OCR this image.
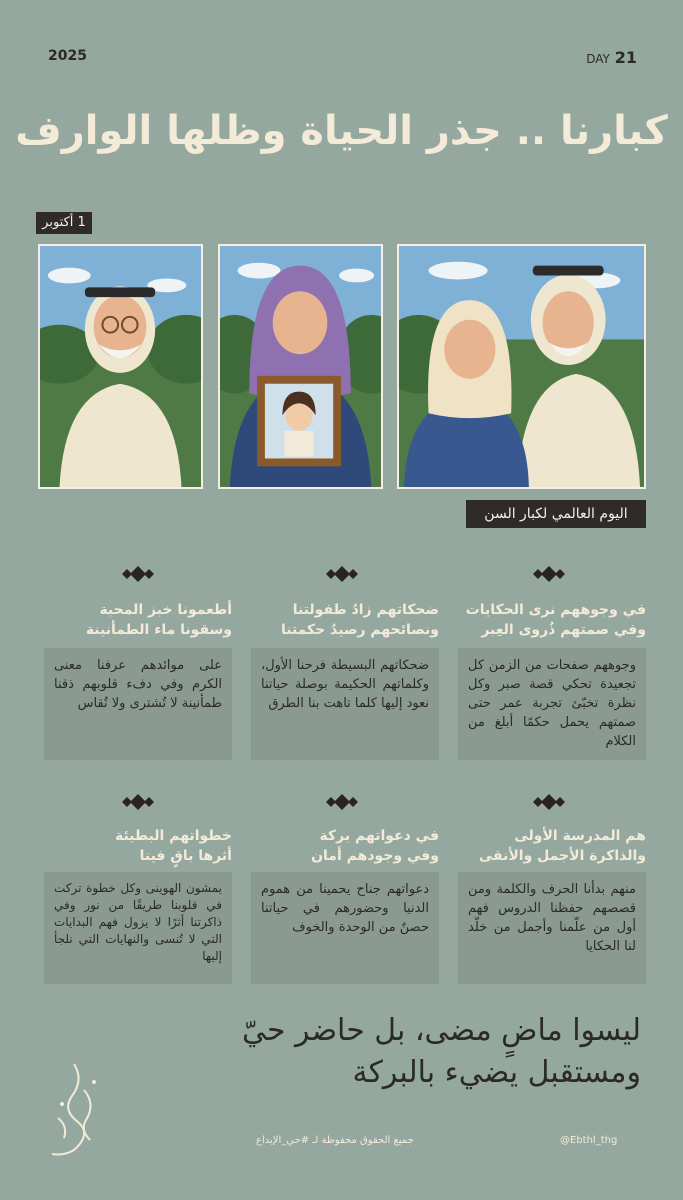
2025	DAY 21
كبارنا .. جذر الحياة وظلها الوارف
1 أكتوبر
اليوم العالمي لكبار السن
في وجوههم نرى الحكايات
وفي صمتهم ذُروى العِبر
وجوههم صفحات من الزمن كل تجعيدة تحكي قصة صبر وكل نظرة تخبّئ تجربة عمر حتى صمتهم يحمل حكمًا أبلغ من الكلام
ضحكاتهم زادُ طفولتنا
ونصائحهم رصيدُ حكمتنا
ضحكاتهم البسيطة فرحنا الأول، وكلماتهم الحكيمة بوصلة حياتنا نعود إليها كلما تاهت بنا الطرق
أطعمونا خبز المحبة
وسقونا ماء الطمأنينة
على موائدهم عرفنا معنى الكرم وفي دفء قلوبهم ذقنا طمأنينة لا تُشترى ولا تُقاس
هم المدرسة الأولى
والذاكرة الأجمل والأنقى
منهم بدأنا الحرف والكلمة ومن قصصهم حفظنا الدروس فهم أول من علّمنا وأجمل من خلّد لنا الحكايا
في دعواتهم بركة
وفي وجودهم أمان
دعواتهم جناح يحمينا من هموم الدنيا وحضورهم في حياتنا حصنٌ من الوحدة والخوف
خطواتهم البطيئة
أثرها باقٍ فينا
يمشون الهوينى وكل خطوة تركت في قلوبنا طريقًا من نور وفي ذاكرتنا أثرًا لا يزول فهم البدايات التي لا تُنسى والنهايات التي نلجأ إليها
ليسوا ماضٍ مضى، بل حاضر حيّ
ومستقبل يضيء بالبركة
جميع الحقوق محفوظة لـ #حي_الإبداع	@Ebthl_thg
